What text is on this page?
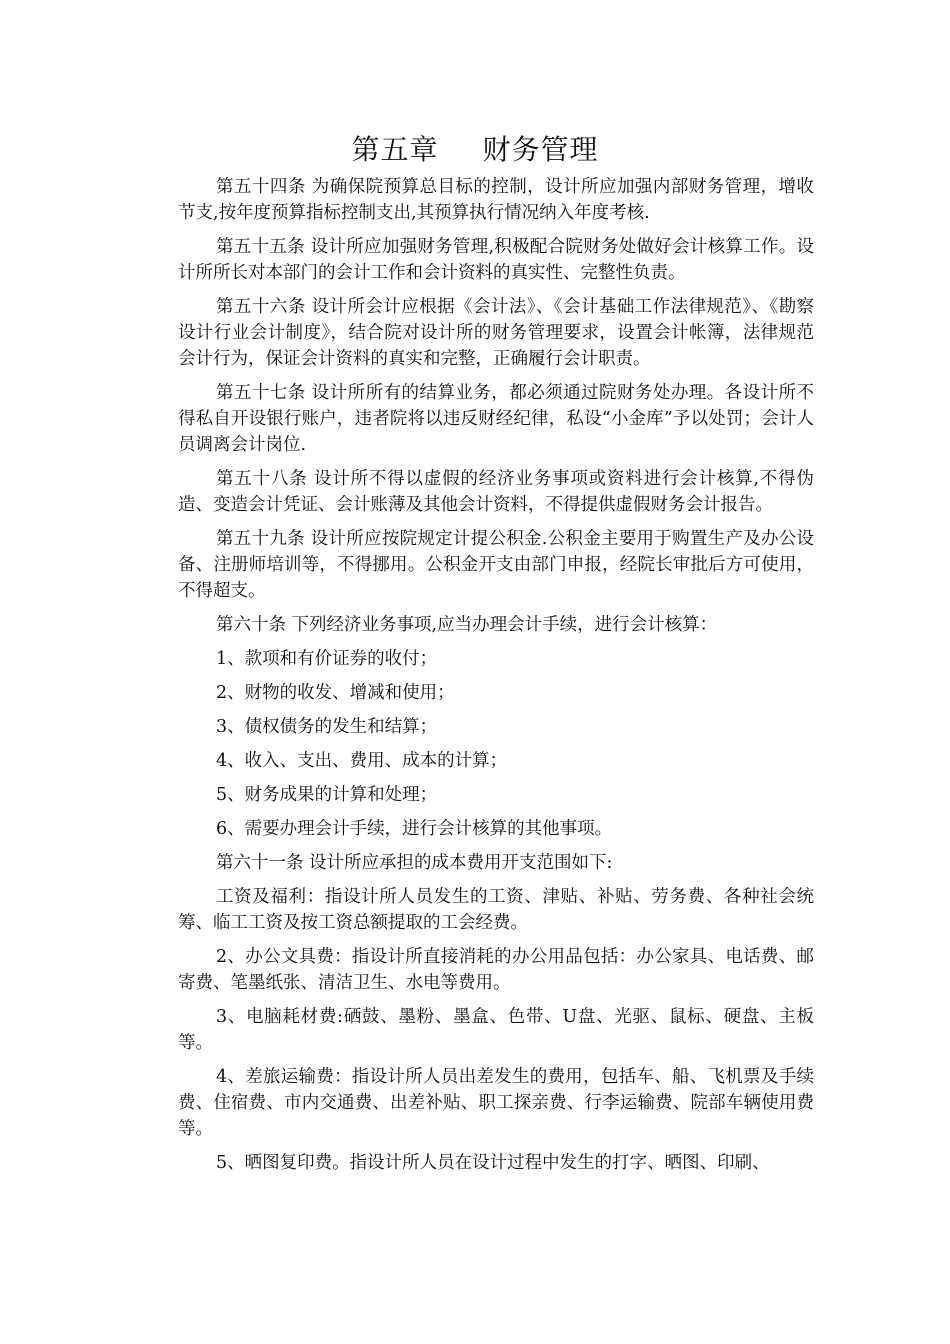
第五章 财务管理

第五十四条 为确保院预算总目标的控制，设计所应加强内部财务管理，增收节支,按年度预算指标控制支出,其预算执行情况纳入年度考核.

第五十五条 设计所应加强财务管理,积极配合院财务处做好会计核算工作。设计所所长对本部门的会计工作和会计资料的真实性、完整性负责。

第五十六条 设计所会计应根据《会计法》、《会计基础工作法律规范》、《勘察设计行业会计制度》，结合院对设计所的财务管理要求，设置会计帐簿，法律规范会计行为，保证会计资料的真实和完整，正确履行会计职责。

第五十七条 设计所所有的结算业务，都必须通过院财务处办理。各设计所不得私自开设银行账户，违者院将以违反财经纪律，私设“小金库”予以处罚；会计人员调离会计岗位.

第五十八条 设计所不得以虚假的经济业务事项或资料进行会计核算,不得伪造、变造会计凭证、会计账薄及其他会计资料，不得提供虚假财务会计报告。

第五十九条 设计所应按院规定计提公积金.公积金主要用于购置生产及办公设备、注册师培训等，不得挪用。公积金开支由部门申报，经院长审批后方可使用，不得超支。

第六十条 下列经济业务事项,应当办理会计手续，进行会计核算：

1、款项和有价证券的收付；

2、财物的收发、增减和使用；

3、债权债务的发生和结算；

4、收入、支出、费用、成本的计算；

5、财务成果的计算和处理；

6、需要办理会计手续，进行会计核算的其他事项。

第六十一条 设计所应承担的成本费用开支范围如下:

工资及福利：指设计所人员发生的工资、津贴、补贴、劳务费、各种社会统筹、临工工资及按工资总额提取的工会经费。

2、办公文具费：指设计所直接消耗的办公用品包括：办公家具、电话费、邮寄费、笔墨纸张、清洁卫生、水电等费用。

3、电脑耗材费:硒鼓、墨粉、墨盒、色带、U盘、光驱、鼠标、硬盘、主板等。

4、差旅运输费：指设计所人员出差发生的费用，包括车、船、飞机票及手续费、住宿费、市内交通费、出差补贴、职工探亲费、行李运输费、院部车辆使用费等。

5、晒图复印费。指设计所人员在设计过程中发生的打字、晒图、印刷、
